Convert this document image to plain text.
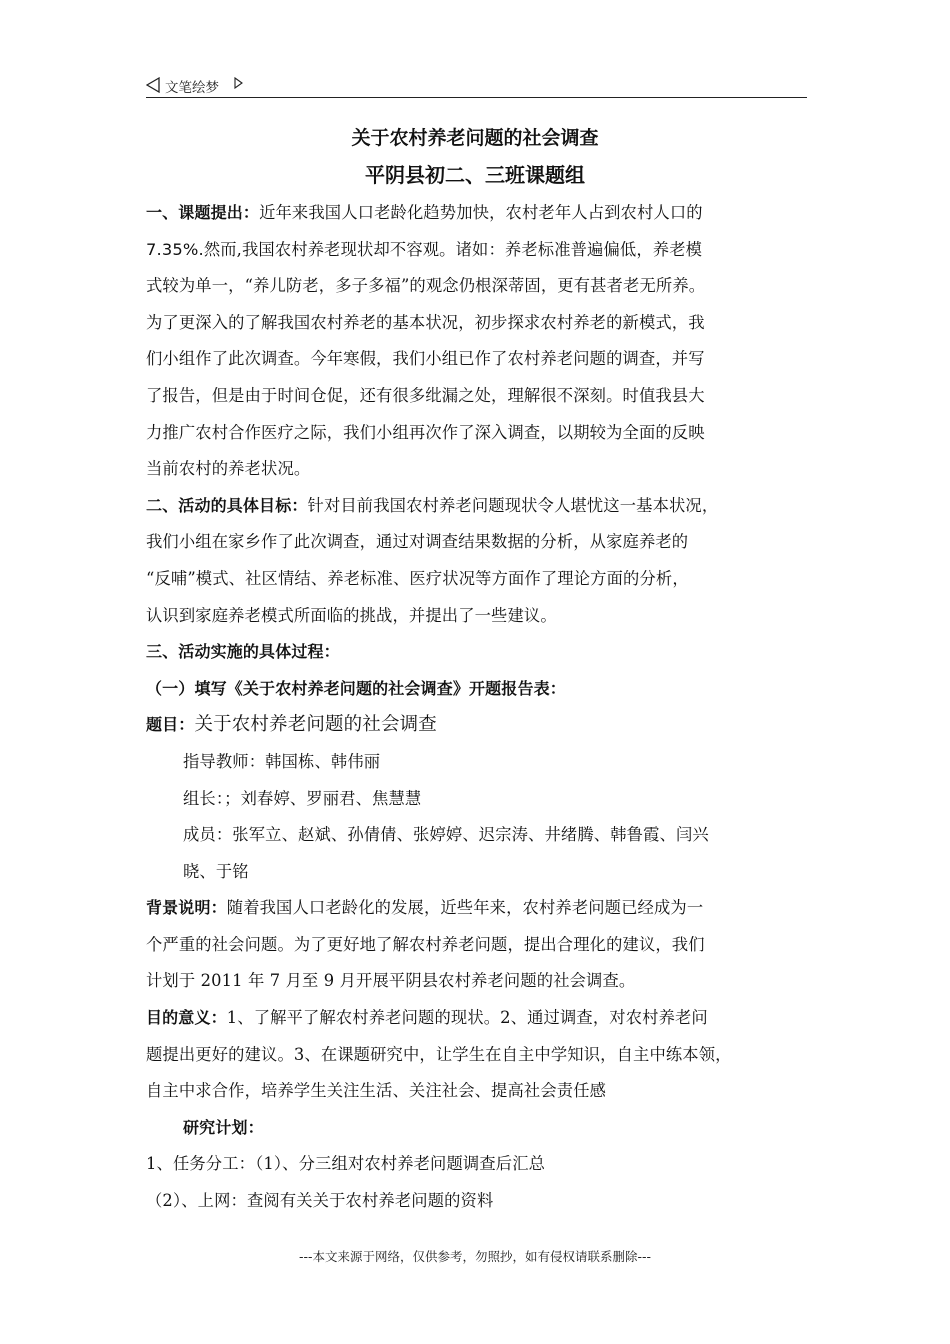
文笔绘梦
关于农村养老问题的社会调查
平阴县初二、三班课题组
一、课题提出：近年来我国人口老龄化趋势加快，农村老年人占到农村人口的
7.35%.然而,我国农村养老现状却不容观。诸如：养老标准普遍偏低，养老模
式较为单一，“养儿防老，多子多福”的观念仍根深蒂固，更有甚者老无所养。
为了更深入的了解我国农村养老的基本状况，初步探求农村养老的新模式，我
们小组作了此次调查。今年寒假，我们小组已作了农村养老问题的调查，并写
了报告，但是由于时间仓促，还有很多纰漏之处，理解很不深刻。时值我县大
力推广农村合作医疗之际，我们小组再次作了深入调查，以期较为全面的反映
当前农村的养老状况。
二、活动的具体目标：针对目前我国农村养老问题现状令人堪忧这一基本状况，
我们小组在家乡作了此次调查，通过对调查结果数据的分析，从家庭养老的
“反哺”模式、社区情结、养老标准、医疗状况等方面作了理论方面的分析，
认识到家庭养老模式所面临的挑战，并提出了一些建议。
三、活动实施的具体过程：
（一）填写《关于农村养老问题的社会调查》开题报告表：
题目：关于农村养老问题的社会调查
指导教师：韩国栋、韩伟丽
组长：；刘春婷、罗丽君、焦慧慧
成员：张军立、赵斌、孙倩倩、张婷婷、迟宗涛、井绪腾、韩鲁霞、闫兴
晓、于铭
背景说明：随着我国人口老龄化的发展，近些年来，农村养老问题已经成为一
个严重的社会问题。为了更好地了解农村养老问题，提出合理化的建议，我们
计划于 2011 年 7 月至 9 月开展平阴县农村养老问题的社会调查。
目的意义：1、了解平了解农村养老问题的现状。2、通过调查，对农村养老问
题提出更好的建议。3、在课题研究中，让学生在自主中学知识，自主中练本领，
自主中求合作，培养学生关注生活、关注社会、提高社会责任感
研究计划：
1、任务分工：（1）、分三组对农村养老问题调查后汇总
（2）、上网：查阅有关关于农村养老问题的资料
---本文来源于网络，仅供参考，勿照抄，如有侵权请联系删除---
